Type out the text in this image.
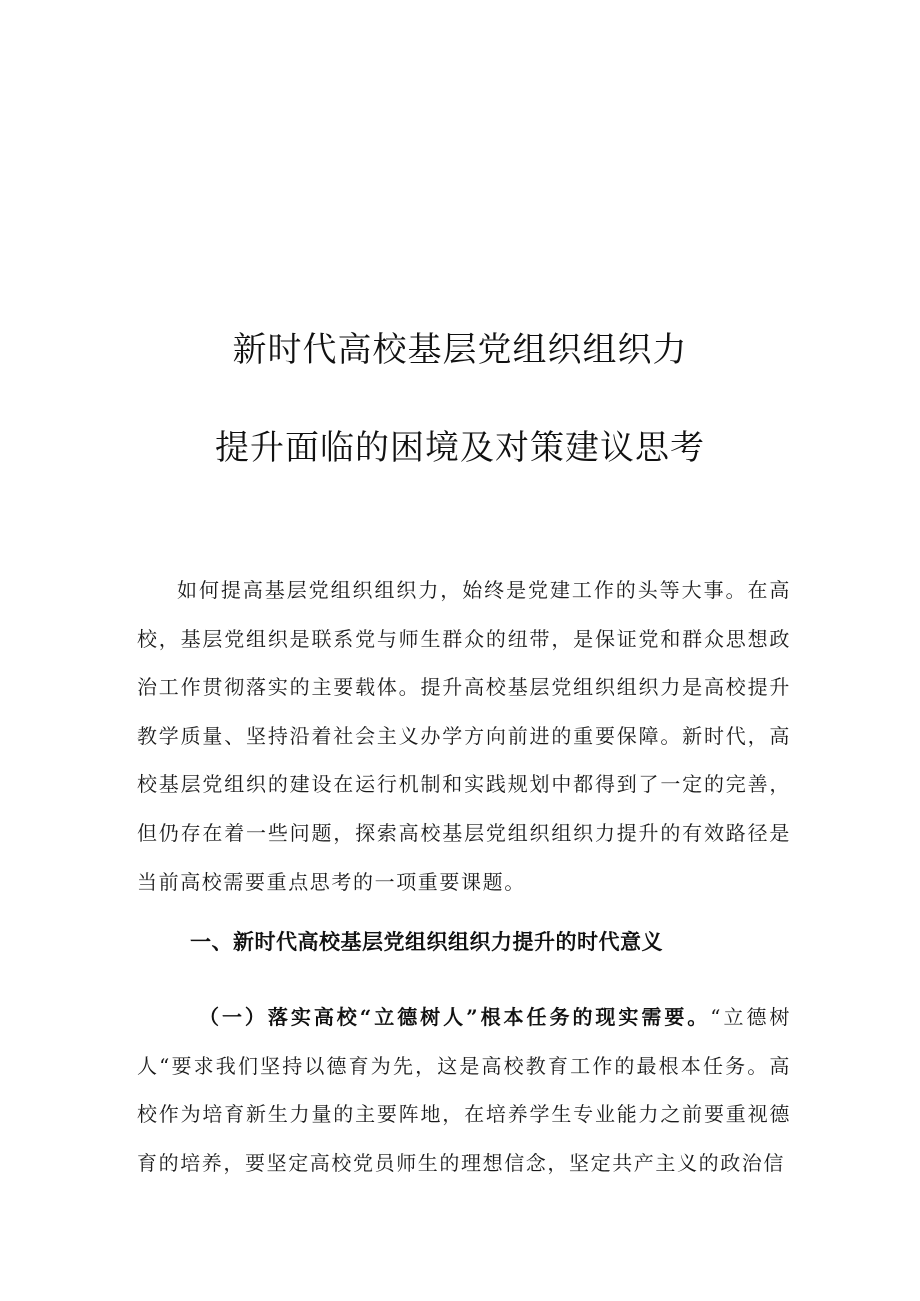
新时代高校基层党组织组织力
提升面临的困境及对策建议思考

如何提高基层党组织组织力，始终是党建工作的头等大事。在高校，基层党组织是联系党与师生群众的纽带，是保证党和群众思想政治工作贯彻落实的主要载体。提升高校基层党组织组织力是高校提升教学质量、坚持沿着社会主义办学方向前进的重要保障。新时代，高校基层党组织的建设在运行机制和实践规划中都得到了一定的完善，但仍存在着一些问题，探索高校基层党组织组织力提升的有效路径是当前高校需要重点思考的一项重要课题。

一、新时代高校基层党组织组织力提升的时代意义

（一）落实高校“立德树人”根本任务的现实需要。“立德树人“要求我们坚持以德育为先，这是高校教育工作的最根本任务。高校作为培育新生力量的主要阵地，在培养学生专业能力之前要重视德育的培养，要坚定高校党员师生的理想信念，坚定共产主义的政治信
